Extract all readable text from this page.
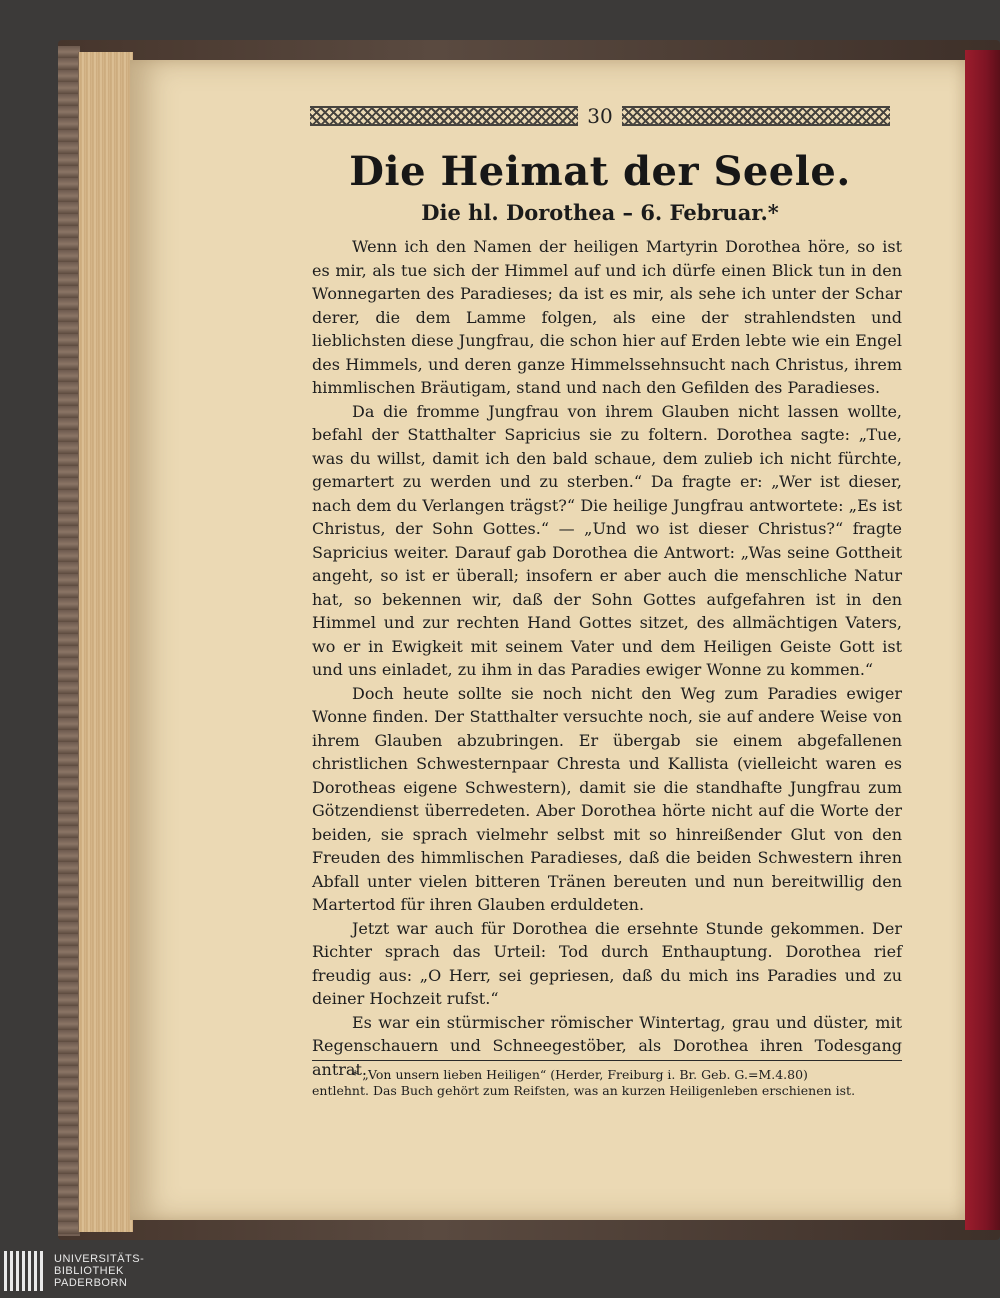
30
Die Heimat der Seele.
Die hl. Dorothea – 6. Februar.*

Wenn ich den Namen der heiligen Martyrin Dorothea höre, so ist es mir, als tue sich der Himmel auf und ich dürfe einen Blick tun in den Wonnegarten des Paradieses; da ist es mir, als sehe ich unter der Schar derer, die dem Lamme folgen, als eine der strahlendsten und lieblichsten diese Jungfrau, die schon hier auf Erden lebte wie ein Engel des Himmels, und deren ganze Himmelssehnsucht nach Christus, ihrem himmlischen Bräutigam, stand und nach den Gefilden des Paradieses.

Da die fromme Jungfrau von ihrem Glauben nicht lassen wollte, befahl der Statthalter Sapricius sie zu foltern. Dorothea sagte: „Tue, was du willst, damit ich den bald schaue, dem zulieb ich nicht fürchte, gemartert zu werden und zu sterben.“ Da fragte er: „Wer ist dieser, nach dem du Verlangen trägst?“ Die heilige Jungfrau antwortete: „Es ist Christus, der Sohn Gottes.“ — „Und wo ist dieser Christus?“ fragte Sapricius weiter. Darauf gab Dorothea die Antwort: „Was seine Gottheit angeht, so ist er überall; insofern er aber auch die menschliche Natur hat, so bekennen wir, daß der Sohn Gottes aufgefahren ist in den Himmel und zur rechten Hand Gottes sitzet, des allmächtigen Vaters, wo er in Ewigkeit mit seinem Vater und dem Heiligen Geiste Gott ist und uns einladet, zu ihm in das Paradies ewiger Wonne zu kommen.“

Doch heute sollte sie noch nicht den Weg zum Paradies ewiger Wonne finden. Der Statthalter versuchte noch, sie auf andere Weise von ihrem Glauben abzubringen. Er übergab sie einem abgefallenen christlichen Schwesternpaar Chresta und Kallista (vielleicht waren es Dorotheas eigene Schwestern), damit sie die standhafte Jungfrau zum Götzendienst überredeten. Aber Dorothea hörte nicht auf die Worte der beiden, sie sprach vielmehr selbst mit so hinreißender Glut von den Freuden des himmlischen Paradieses, daß die beiden Schwestern ihren Abfall unter vielen bitteren Tränen bereuten und nun bereitwillig den Martertod für ihren Glauben erduldeten.

Jetzt war auch für Dorothea die ersehnte Stunde gekommen. Der Richter sprach das Urteil: Tod durch Enthauptung. Dorothea rief freudig aus: „O Herr, sei gepriesen, daß du mich ins Paradies und zu deiner Hochzeit rufst.“

Es war ein stürmischer römischer Wintertag, grau und düster, mit Regenschauern und Schneegestöber, als Dorothea ihren Todesgang antrat.

* „Von unsern lieben Heiligen“ (Herder, Freiburg i. Br. Geb. G.=M.4.80)
entlehnt. Das Buch gehört zum Reifsten, was an kurzen Heiligenleben erschienen ist.
UNIVERSITÄTS-
BIBLIOTHEK
PADERBORN
